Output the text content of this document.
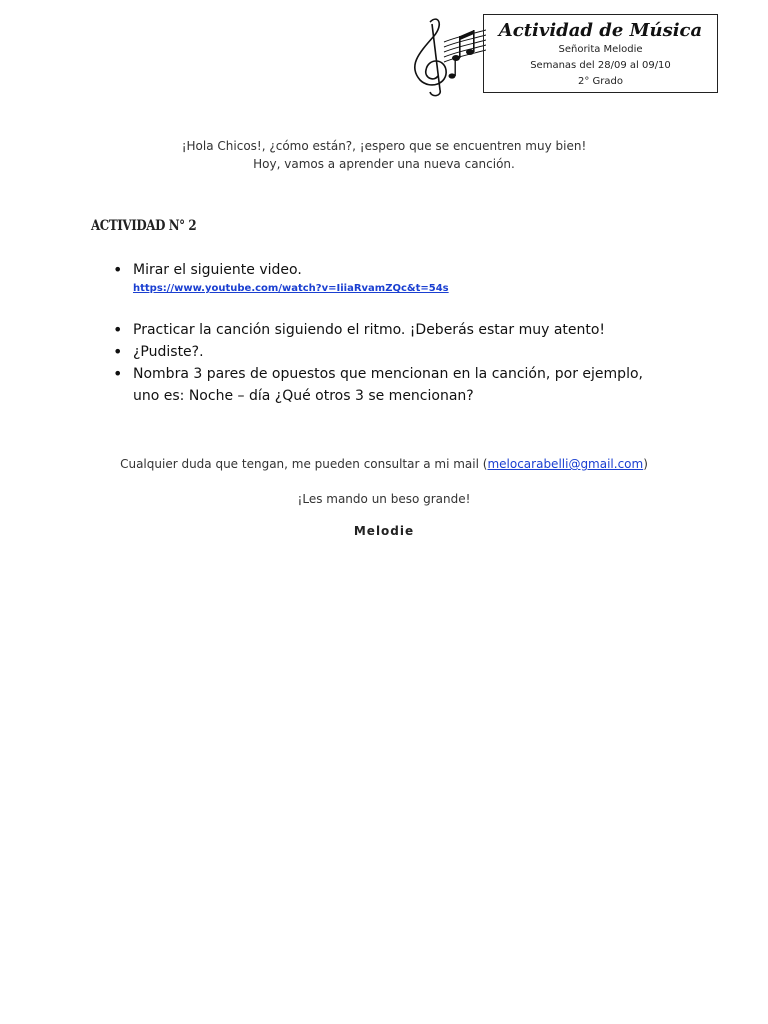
Actividad de Música
Señorita Melodie
Semanas del 28/09 al 09/10
2° Grado
¡Hola Chicos!, ¿cómo están?, ¡espero que se encuentren muy bien!
Hoy, vamos a aprender una nueva canción.
ACTIVIDAD N° 2
• Mirar el siguiente video.
https://www.youtube.com/watch?v=IiiaRvamZQc&t=54s
• Practicar la canción siguiendo el ritmo. ¡Deberás estar muy atento!
• ¿Pudiste?.
• Nombra 3 pares de opuestos que mencionan en la canción, por ejemplo, uno es: Noche – día ¿Qué otros 3 se mencionan?
Cualquier duda que tengan, me pueden consultar a mi mail (melocarabelli@gmail.com)
¡Les mando un beso grande!
Melodie
